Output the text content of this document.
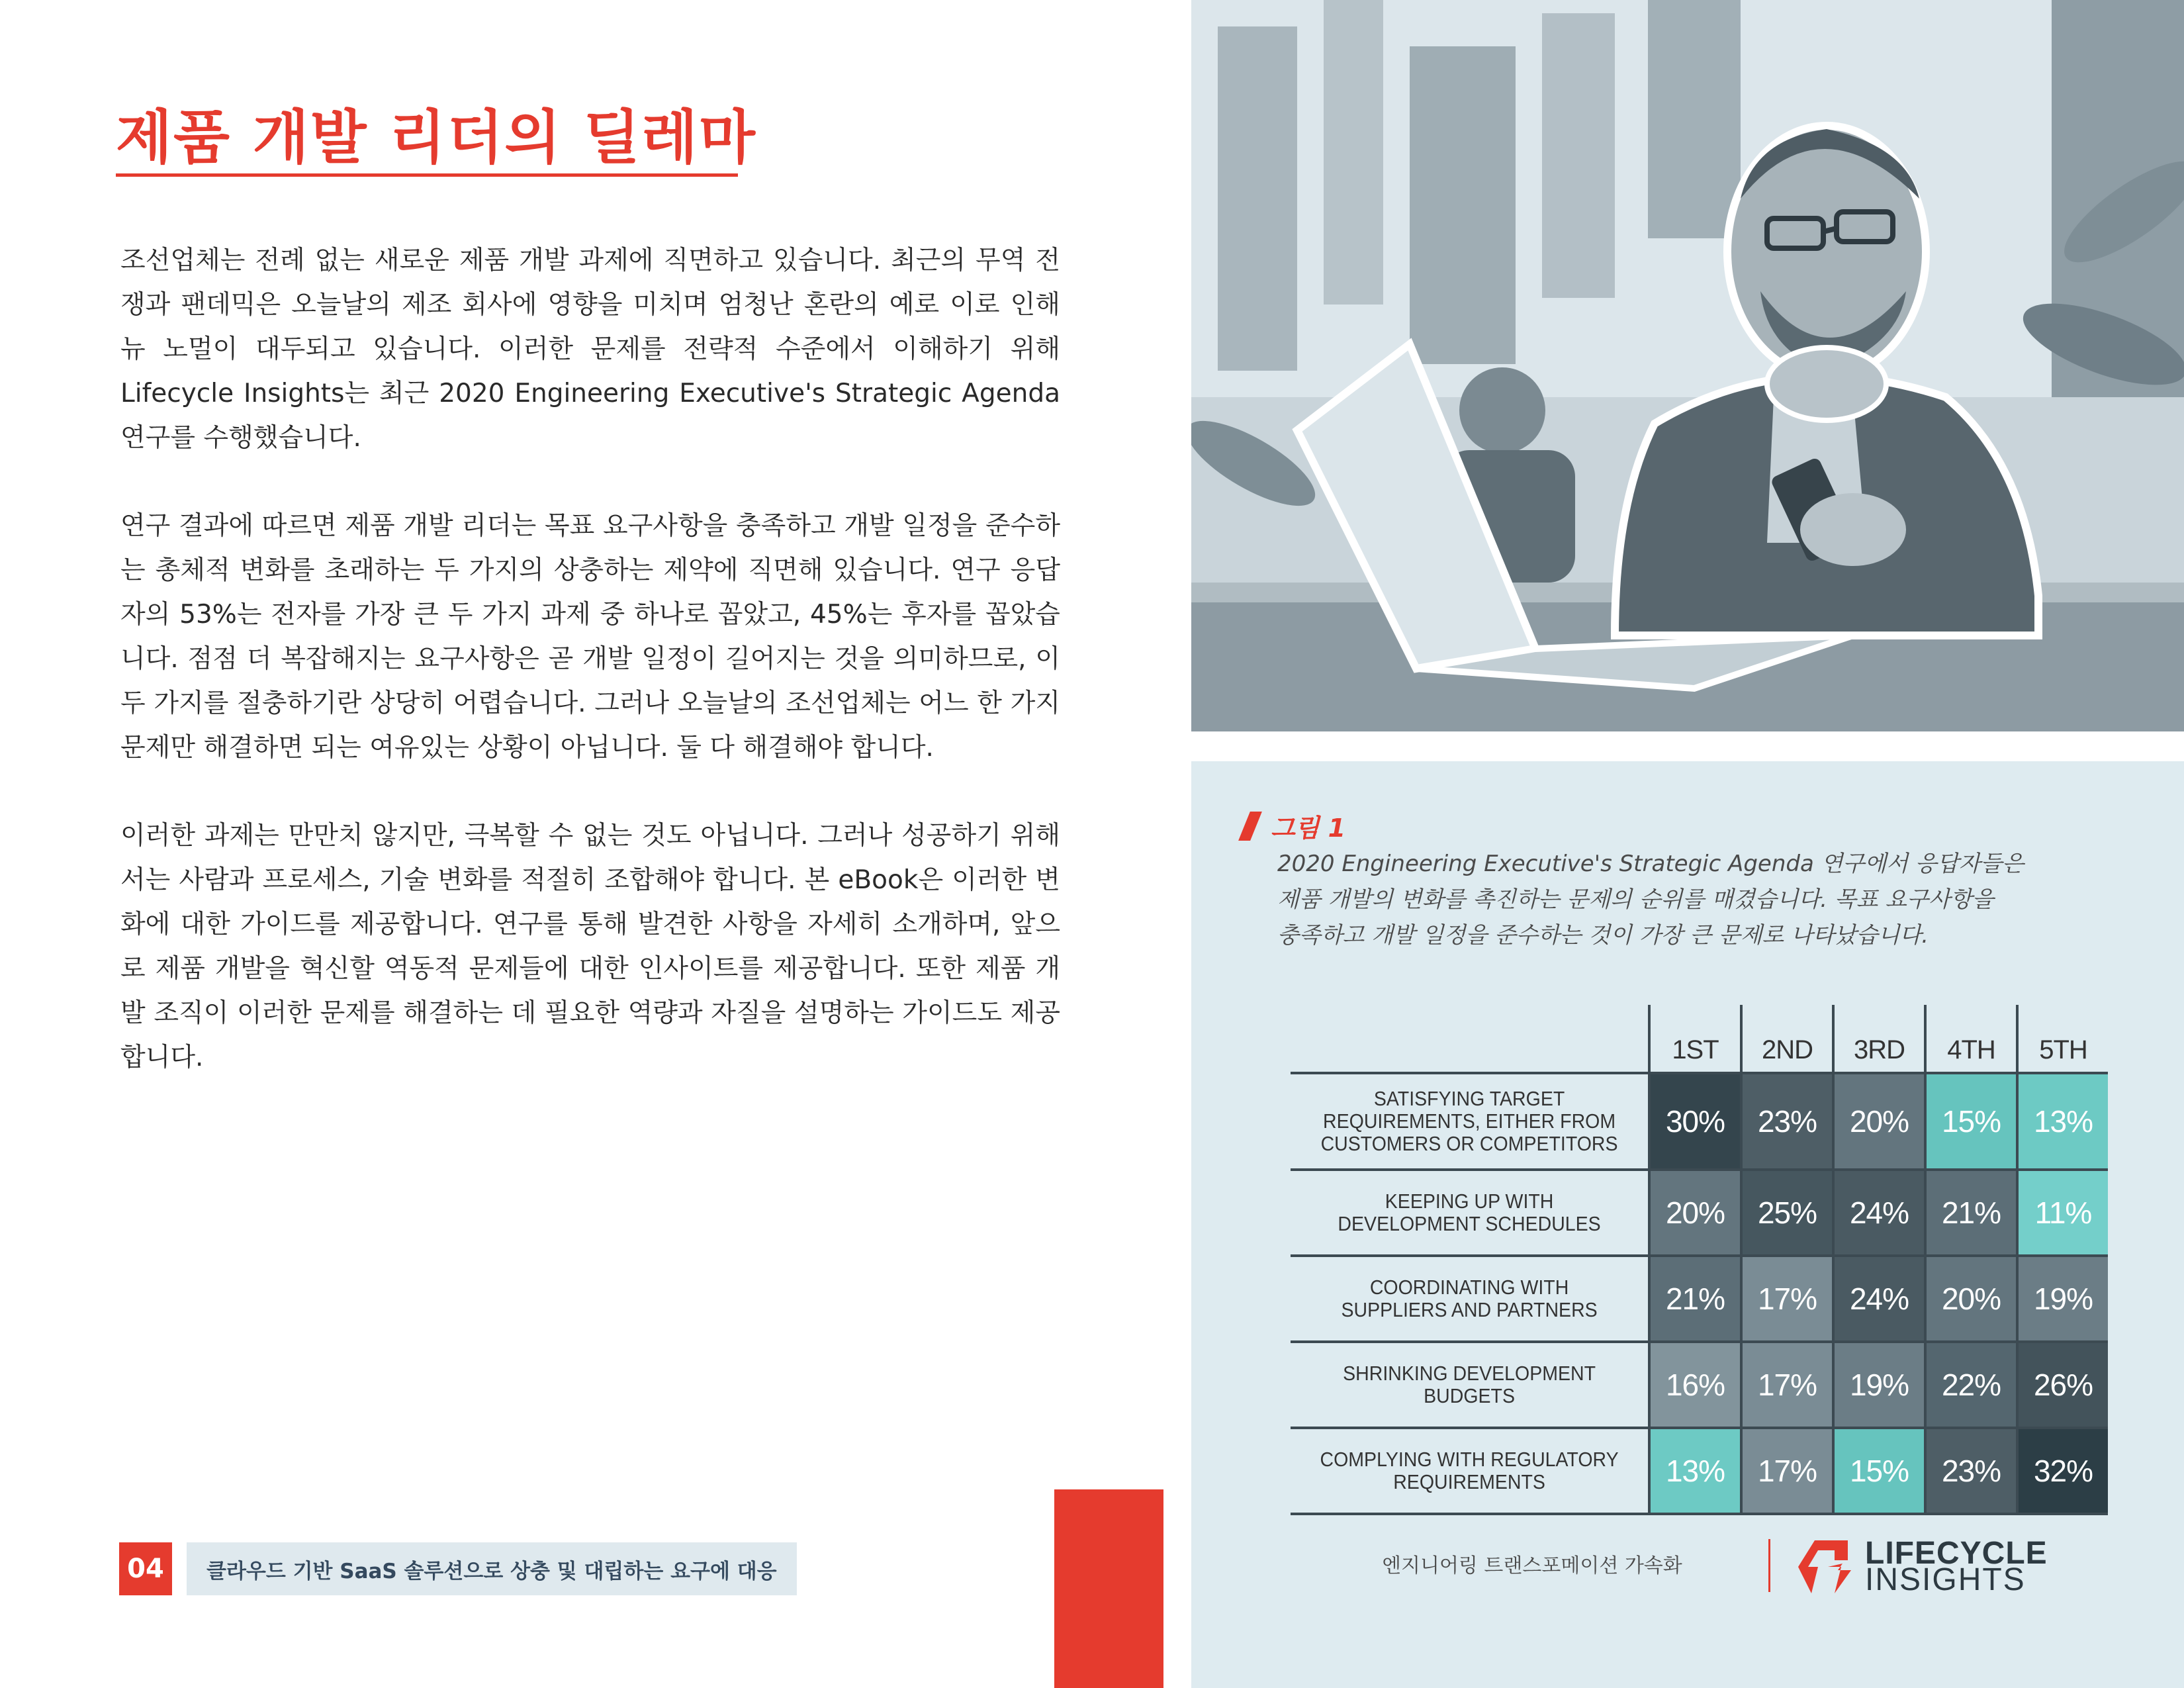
제품 개발 리더의 딜레마

조선업체는 전례 없는 새로운 제품 개발 과제에 직면하고 있습니다. 최근의 무역 전쟁과 팬데믹은 오늘날의 제조 회사에 영향을 미치며 엄청난 혼란의 예로 이로 인해 뉴 노멀이 대두되고 있습니다. 이러한 문제를 전략적 수준에서 이해하기 위해 Lifecycle Insights는 최근 2020 Engineering Executive's Strategic Agenda 연구를 수행했습니다.

연구 결과에 따르면 제품 개발 리더는 목표 요구사항을 충족하고 개발 일정을 준수하는 총체적 변화를 초래하는 두 가지의 상충하는 제약에 직면해 있습니다. 연구 응답자의 53%는 전자를 가장 큰 두 가지 과제 중 하나로 꼽았고, 45%는 후자를 꼽았습니다. 점점 더 복잡해지는 요구사항은 곧 개발 일정이 길어지는 것을 의미하므로, 이 두 가지를 절충하기란 상당히 어렵습니다. 그러나 오늘날의 조선업체는 어느 한 가지 문제만 해결하면 되는 여유있는 상황이 아닙니다. 둘 다 해결해야 합니다.

이러한 과제는 만만치 않지만, 극복할 수 없는 것도 아닙니다. 그러나 성공하기 위해서는 사람과 프로세스, 기술 변화를 적절히 조합해야 합니다. 본 eBook은 이러한 변화에 대한 가이드를 제공합니다. 연구를 통해 발견한 사항을 자세히 소개하며, 앞으로 제품 개발을 혁신할 역동적 문제들에 대한 인사이트를 제공합니다. 또한 제품 개발 조직이 이러한 문제를 해결하는 데 필요한 역량과 자질을 설명하는 가이드도 제공합니다.

04	클라우드 기반 SaaS 솔루션으로 상충 및 대립하는 요구에 대응
그림 1
2020 Engineering Executive's Strategic Agenda 연구에서 응답자들은
제품 개발의 변화를 촉진하는 문제의 순위를 매겼습니다. 목표 요구사항을
충족하고 개발 일정을 준수하는 것이 가장 큰 문제로 나타났습니다.
	1ST	2ND	3RD	4TH	5TH

SATISFYING TARGET
REQUIREMENTS, EITHER FROM
CUSTOMERS OR COMPETITORS	30%	23%	20%	15%	13%

KEEPING UP WITH
DEVELOPMENT SCHEDULES	20%	25%	24%	21%	11%

COORDINATING WITH
SUPPLIERS AND PARTNERS	21%	17%	24%	20%	19%

SHRINKING DEVELOPMENT
BUDGETS	16%	17%	19%	22%	26%

COMPLYING WITH REGULATORY
REQUIREMENTS	13%	17%	15%	23%	32%
엔지니어링 트랜스포메이션 가속화	LIFECYCLE
INSIGHTS
